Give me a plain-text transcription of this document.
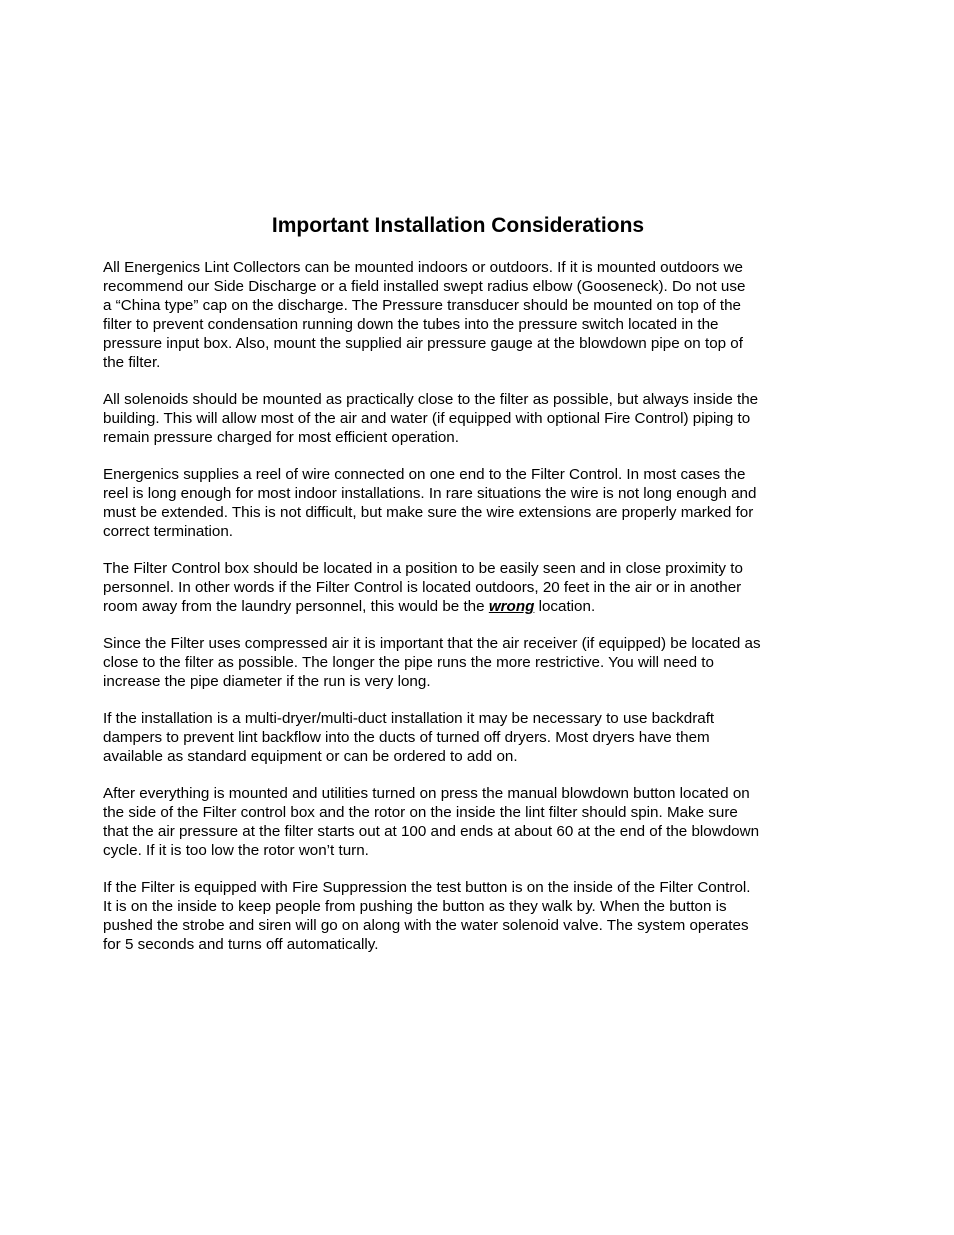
Important Installation Considerations

All Energenics Lint Collectors can be mounted indoors or outdoors. If it is mounted outdoors we
recommend our Side Discharge or a field installed swept radius elbow (Gooseneck). Do not use
a “China type” cap on the discharge. The Pressure transducer should be mounted on top of the
filter to prevent condensation running down the tubes into the pressure switch located in the
pressure input box. Also, mount the supplied air pressure gauge at the blowdown pipe on top of
the filter.

All solenoids should be mounted as practically close to the filter as possible, but always inside the
building. This will allow most of the air and water (if equipped with optional Fire Control) piping to
remain pressure charged for most efficient operation.

Energenics supplies a reel of wire connected on one end to the Filter Control. In most cases the
reel is long enough for most indoor installations. In rare situations the wire is not long enough and
must be extended. This is not difficult, but make sure the wire extensions are properly marked for
correct termination.

The Filter Control box should be located in a position to be easily seen and in close proximity to
personnel. In other words if the Filter Control is located outdoors, 20 feet in the air or in another
room away from the laundry personnel, this would be the wrong location.

Since the Filter uses compressed air it is important that the air receiver (if equipped) be located as
close to the filter as possible. The longer the pipe runs the more restrictive. You will need to
increase the pipe diameter if the run is very long.

If the installation is a multi-dryer/multi-duct installation it may be necessary to use backdraft
dampers to prevent lint backflow into the ducts of turned off dryers. Most dryers have them
available as standard equipment or can be ordered to add on.

After everything is mounted and utilities turned on press the manual blowdown button located on
the side of the Filter control box and the rotor on the inside the lint filter should spin. Make sure
that the air pressure at the filter starts out at 100 and ends at about 60 at the end of the blowdown
cycle. If it is too low the rotor won’t turn.

If the Filter is equipped with Fire Suppression the test button is on the inside of the Filter Control.
It is on the inside to keep people from pushing the button as they walk by. When the button is
pushed the strobe and siren will go on along with the water solenoid valve. The system operates
for 5 seconds and turns off automatically.
